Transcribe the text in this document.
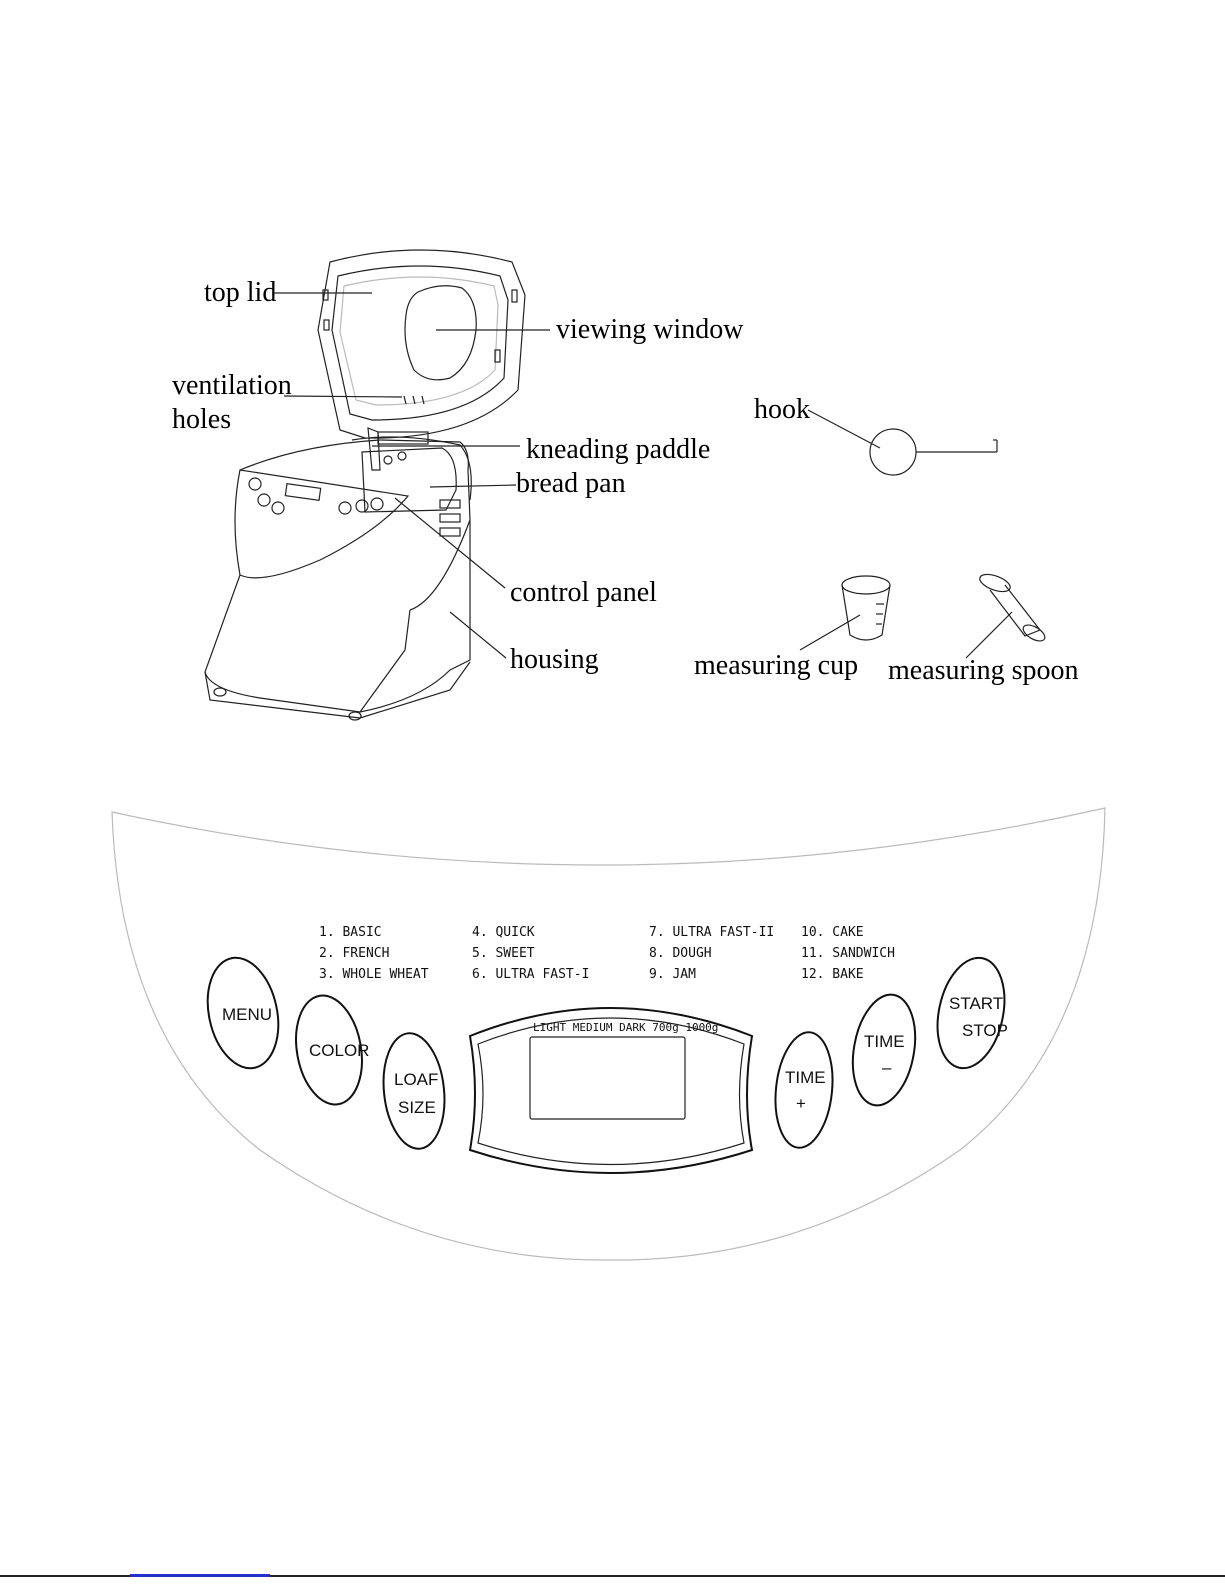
top lid
viewing window
ventilation
holes
kneading paddle
bread pan
control panel
housing
hook
measuring cup measuring spoon
MENU
COLOR
LOAF
SIZE
TIME
+
TIME
–
START
STOP
LIGHT MEDIUM DARK 700g 1000g
1. BASIC
2. FRENCH
3. WHOLE WHEAT
4. QUICK
5. SWEET
6. ULTRA FAST-I
7. ULTRA FAST-II
8. DOUGH
9. JAM
10. CAKE
11. SANDWICH
12. BAKE
